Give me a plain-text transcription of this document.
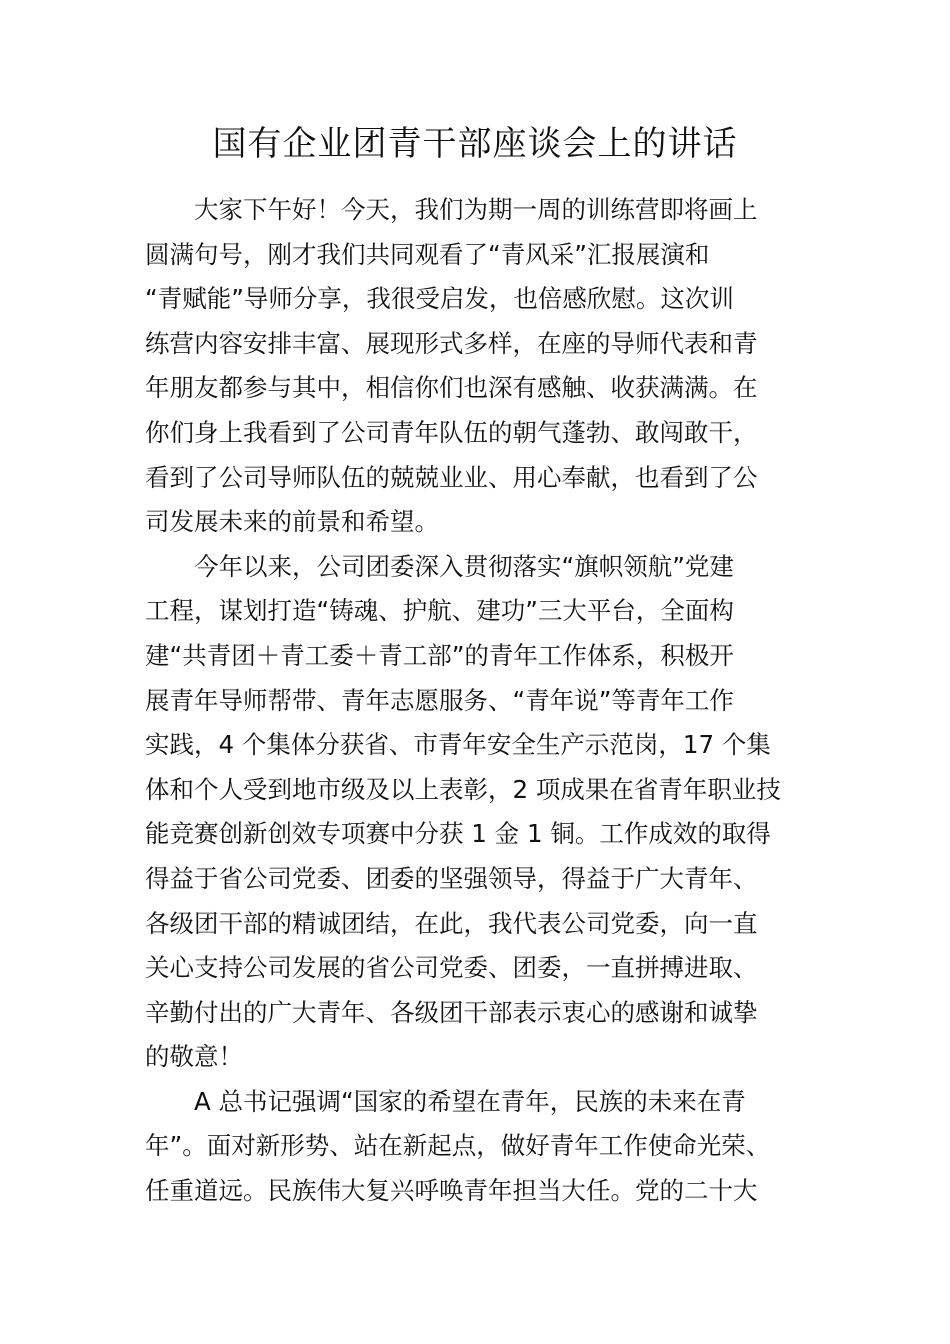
国有企业团青干部座谈会上的讲话
大家下午好！今天，我们为期一周的训练营即将画上
圆满句号，刚才我们共同观看了“青风采”汇报展演和
“青赋能”导师分享，我很受启发，也倍感欣慰。这次训
练营内容安排丰富、展现形式多样，在座的导师代表和青
年朋友都参与其中，相信你们也深有感触、收获满满。在
你们身上我看到了公司青年队伍的朝气蓬勃、敢闯敢干，
看到了公司导师队伍的兢兢业业、用心奉献，也看到了公
司发展未来的前景和希望。
今年以来，公司团委深入贯彻落实“旗帜领航”党建
工程，谋划打造“铸魂、护航、建功”三大平台，全面构
建“共青团＋青工委＋青工部”的青年工作体系，积极开
展青年导师帮带、青年志愿服务、“青年说”等青年工作
实践，4 个集体分获省、市青年安全生产示范岗，17 个集
体和个人受到地市级及以上表彰，2 项成果在省青年职业技
能竞赛创新创效专项赛中分获 1 金 1 铜。工作成效的取得
得益于省公司党委、团委的坚强领导，得益于广大青年、
各级团干部的精诚团结，在此，我代表公司党委，向一直
关心支持公司发展的省公司党委、团委，一直拼搏进取、
辛勤付出的广大青年、各级团干部表示衷心的感谢和诚挚
的敬意！
A 总书记强调“国家的希望在青年，民族的未来在青
年”。面对新形势、站在新起点，做好青年工作使命光荣、
任重道远。民族伟大复兴呼唤青年担当大任。党的二十大
